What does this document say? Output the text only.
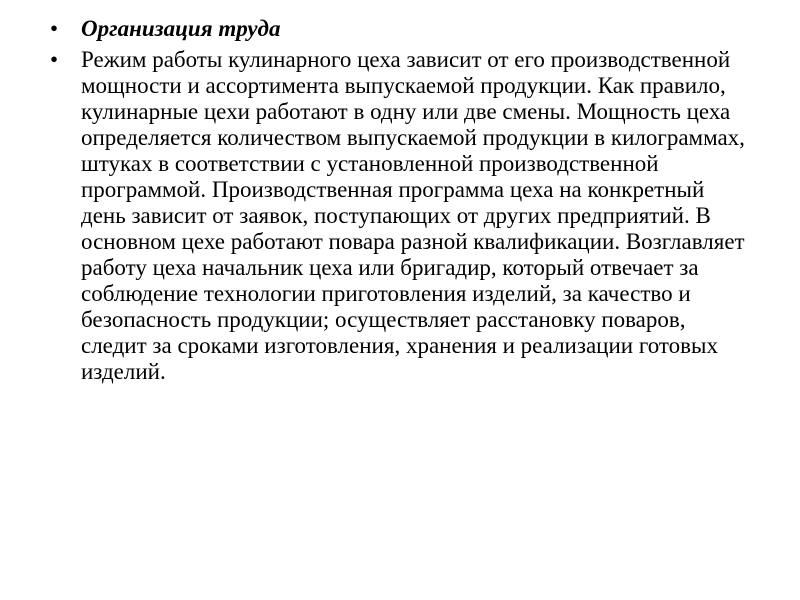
• Организация труда
• Режим работы кулинарного цеха зависит от его производственной мощности и ассортимента выпускаемой продукции. Как правило, кулинарные цехи работают в одну или две смены. Мощность цеха определяется количеством выпускаемой продукции в килограммах, штуках в соответствии с установленной производственной программой. Производственная программа цеха на конкретный день зависит от заявок, поступающих от других предприятий. В основном цехе работают повара разной квалификации. Возглавляет работу цеха начальник цеха или бригадир, который отвечает за соблюдение технологии приготовления изделий, за качество и безопасность продукции; осуществляет расстановку поваров, следит за сроками изготовления, хранения и реализации готовых изделий.
